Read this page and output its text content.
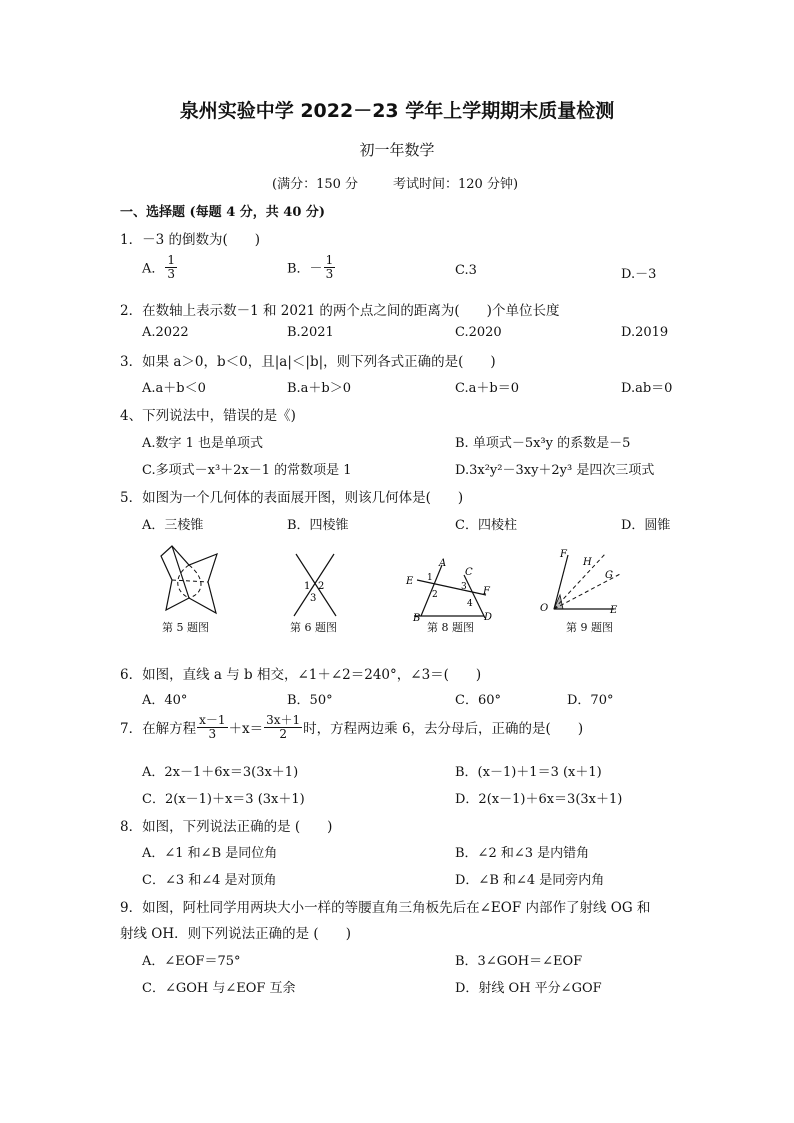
泉州实验中学 2022－23 学年上学期期末质量检测
初一年数学
(满分：150 分	考试时间：120 分钟)
一、选择题 (每题 4 分，共 40 分)
1．－3 的倒数为(　　)
A． $\frac{1}{3}$	B．－ $\frac{1}{3}$	C.3	D.－3
2．在数轴上表示数－1 和 2021 的两个点之间的距离为(　　)个单位长度
A.2022	B.2021	C.2020	D.2019
3．如果 a＞0，b＜0，且|a|＜|b|，则下列各式正确的是(　　)
A.a＋b＜0	B.a＋b＞0	C.a＋b＝0	D.ab＝0
4、下列说法中，错误的是《)
A.数字 1 也是单项式	B. 单项式－5x³y 的系数是－5
C.多项式－x³＋2x－1 的常数项是 1	D.3x²y²－3xy＋2y³ 是四次三项式
5．如图为一个几何体的表面展开图，则该几何体是(　　)
A．三棱锥	B．四棱锥	C．四棱柱	D．圆锥
第 5 题图
1 2
3
第 6 题图
A
B
C
D
E
F
1
2
3
4
第 8 题图
F
H
G
O	E
第 9 题图
6．如图，直线 a 与 b 相交，∠1＋∠2＝240°，∠3＝(　　)
A．40°	B．50°	C．60°	D．70°
7．在解方程 $\frac{x-1}{3} +x= \frac{3x+1}{2}$ 时，方程两边乘 6，去分母后，正确的是(　　)
A．2x－1＋6x＝3(3x＋1)	B．(x－1)＋1＝3 (x＋1)
C．2(x－1)＋x＝3 (3x＋1)	D．2(x－1)＋6x＝3(3x＋1)
8．如图，下列说法正确的是 (　　)
A．∠1 和∠B 是同位角	B．∠2 和∠3 是内错角
C．∠3 和∠4 是对顶角	D．∠B 和∠4 是同旁内角
9．如图，阿杜同学用两块大小一样的等腰直角三角板先后在∠EOF 内部作了射线 OG 和
射线 OH．则下列说法正确的是 (　　)
A．∠EOF＝75°	B．3∠GOH＝∠EOF
C．∠GOH 与∠EOF 互余	D．射线 OH 平分∠GOF
